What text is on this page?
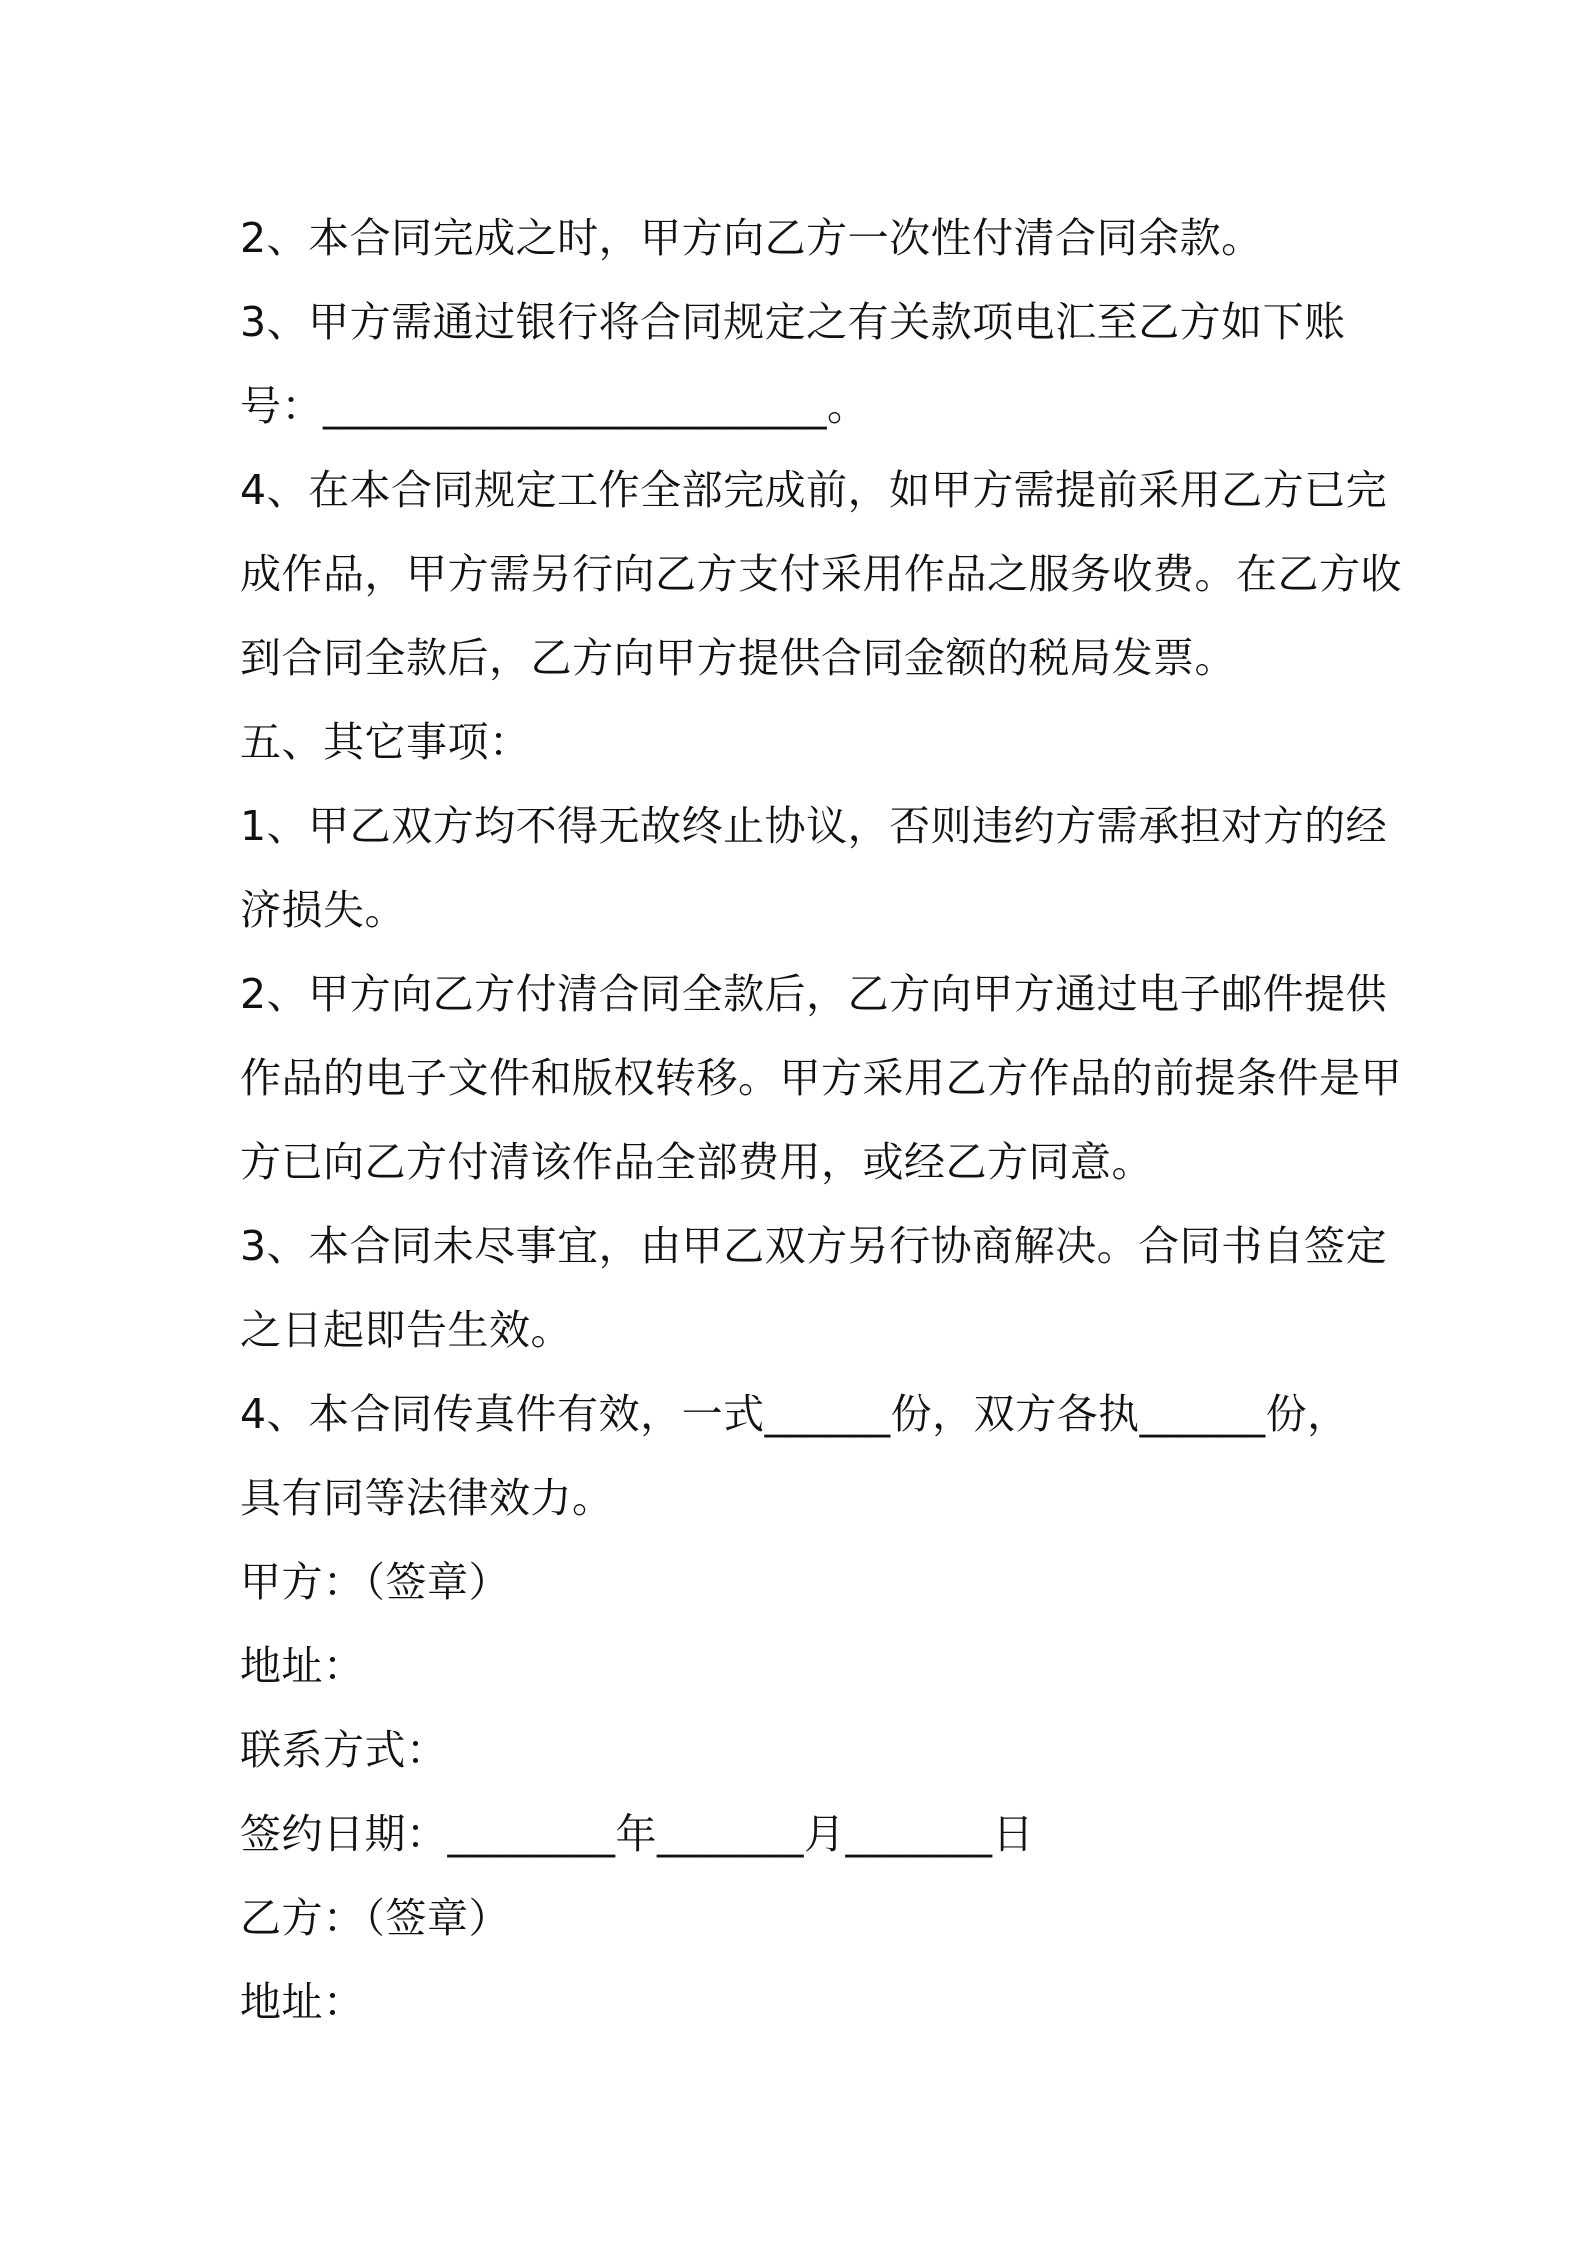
2、本合同完成之时，甲方向乙方一次性付清合同余款。
3、甲方需通过银行将合同规定之有关款项电汇至乙方如下账
号：________________________。
4、在本合同规定工作全部完成前，如甲方需提前采用乙方已完
成作品，甲方需另行向乙方支付采用作品之服务收费。在乙方收
到合同全款后，乙方向甲方提供合同金额的税局发票。
五、其它事项：
1、甲乙双方均不得无故终止协议，否则违约方需承担对方的经
济损失。
2、甲方向乙方付清合同全款后，乙方向甲方通过电子邮件提供
作品的电子文件和版权转移。甲方采用乙方作品的前提条件是甲
方已向乙方付清该作品全部费用，或经乙方同意。
3、本合同未尽事宜，由甲乙双方另行协商解决。合同书自签定
之日起即告生效。
4、本合同传真件有效，一式______份，双方各执______份，
具有同等法律效力。
甲方：（签章）
地址：
联系方式：
签约日期：________年_______月_______日
乙方：（签章）
地址：
